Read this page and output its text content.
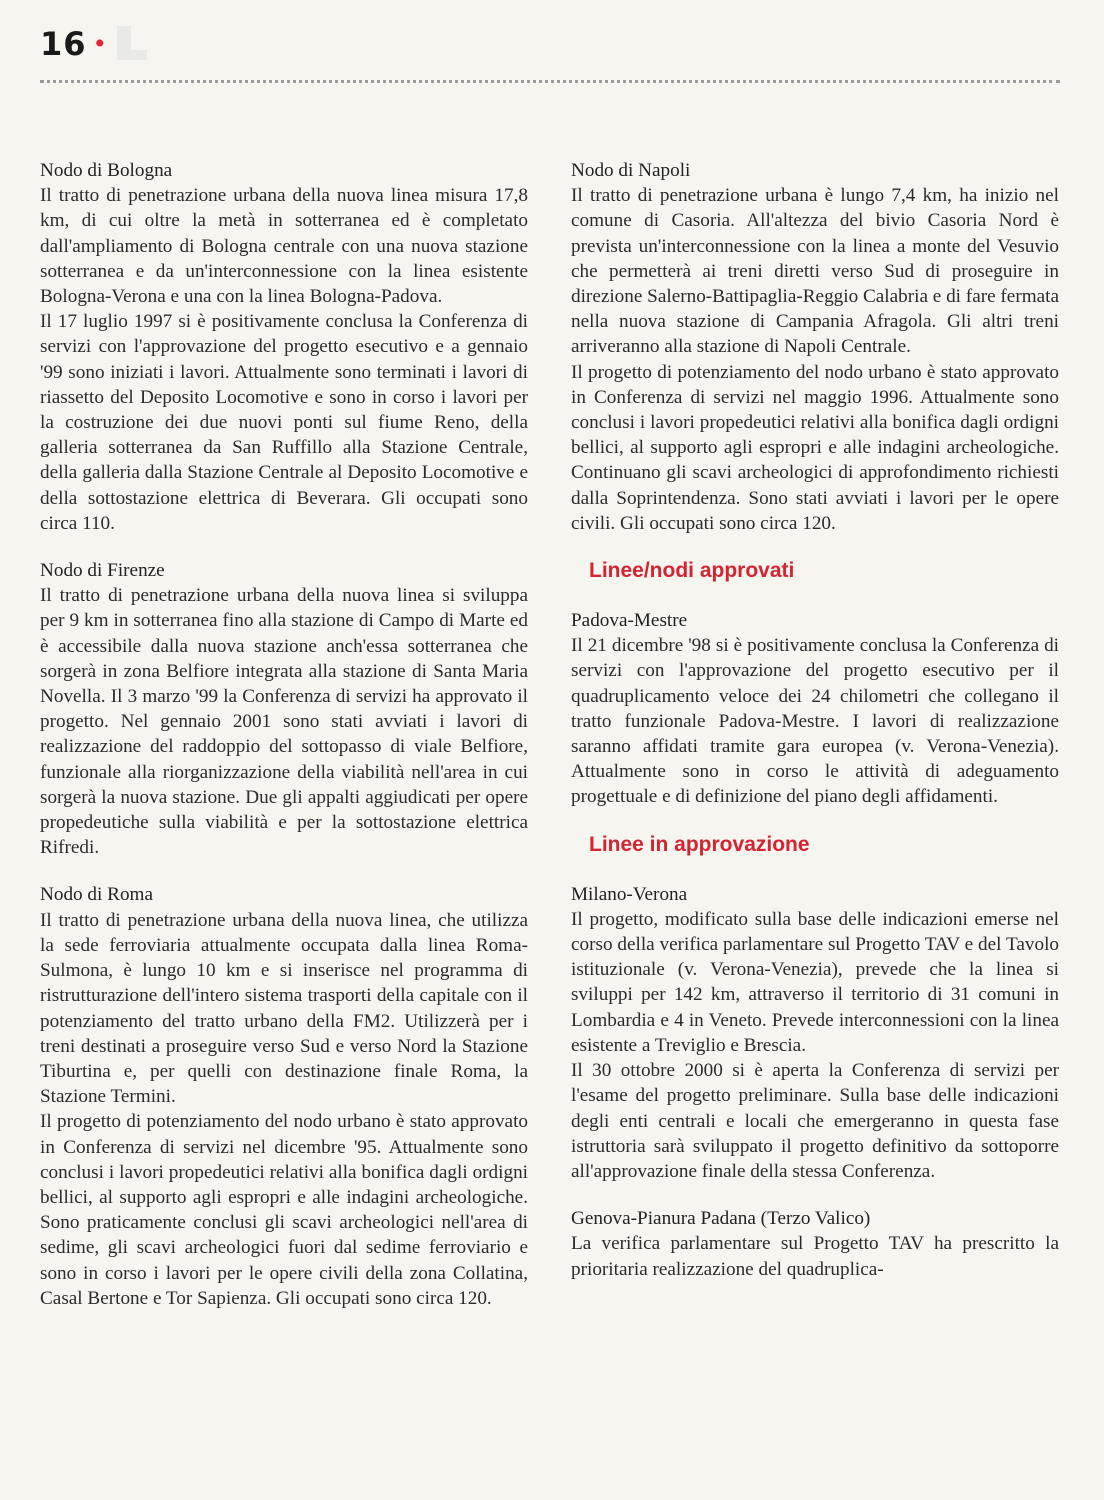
16 •
Nodo di Bologna

Il tratto di penetrazione urbana della nuova linea misura 17,8 km, di cui oltre la metà in sotterranea ed è completato dall'ampliamento di Bologna centrale con una nuova stazione sotterranea e da un'interconnessione con la linea esistente Bologna-Verona e una con la linea Bologna-Padova.

Il 17 luglio 1997 si è positivamente conclusa la Conferenza di servizi con l'approvazione del progetto esecutivo e a gennaio '99 sono iniziati i lavori. Attualmente sono terminati i lavori di riassetto del Deposito Locomotive e sono in corso i lavori per la costruzione dei due nuovi ponti sul fiume Reno, della galleria sotterranea da San Ruffillo alla Stazione Centrale, della galleria dalla Stazione Centrale al Deposito Locomotive e della sottostazione elettrica di Beverara. Gli occupati sono circa 110.

Nodo di Firenze

Il tratto di penetrazione urbana della nuova linea si sviluppa per 9 km in sotterranea fino alla stazione di Campo di Marte ed è accessibile dalla nuova stazione anch'essa sotterranea che sorgerà in zona Belfiore integrata alla stazione di Santa Maria Novella. Il 3 marzo '99 la Conferenza di servizi ha approvato il progetto. Nel gennaio 2001 sono stati avviati i lavori di realizzazione del raddoppio del sottopasso di viale Belfiore, funzionale alla riorganizzazione della viabilità nell'area in cui sorgerà la nuova stazione. Due gli appalti aggiudicati per opere propedeutiche sulla viabilità e per la sottostazione elettrica Rifredi.

Nodo di Roma

Il tratto di penetrazione urbana della nuova linea, che utilizza la sede ferroviaria attualmente occupata dalla linea Roma-Sulmona, è lungo 10 km e si inserisce nel programma di ristrutturazione dell'intero sistema trasporti della capitale con il potenziamento del tratto urbano della FM2. Utilizzerà per i treni destinati a proseguire verso Sud e verso Nord la Stazione Tiburtina e, per quelli con destinazione finale Roma, la Stazione Termini.

Il progetto di potenziamento del nodo urbano è stato approvato in Conferenza di servizi nel dicembre '95. Attualmente sono conclusi i lavori propedeutici relativi alla bonifica dagli ordigni bellici, al supporto agli espropri e alle indagini archeologiche. Sono praticamente conclusi gli scavi archeologici nell'area di sedime, gli scavi archeologici fuori dal sedime ferroviario e sono in corso i lavori per le opere civili della zona Collatina, Casal Bertone e Tor Sapienza. Gli occupati sono circa 120.

Nodo di Napoli

Il tratto di penetrazione urbana è lungo 7,4 km, ha inizio nel comune di Casoria. All'altezza del bivio Casoria Nord è prevista un'interconnessione con la linea a monte del Vesuvio che permetterà ai treni diretti verso Sud di proseguire in direzione Salerno-Battipaglia-Reggio Calabria e di fare fermata nella nuova stazione di Campania Afragola. Gli altri treni arriveranno alla stazione di Napoli Centrale.

Il progetto di potenziamento del nodo urbano è stato approvato in Conferenza di servizi nel maggio 1996. Attualmente sono conclusi i lavori propedeutici relativi alla bonifica dagli ordigni bellici, al supporto agli espropri e alle indagini archeologiche. Continuano gli scavi archeologici di approfondimento richiesti dalla Soprintendenza. Sono stati avviati i lavori per le opere civili. Gli occupati sono circa 120.

Linee/nodi approvati
Padova-Mestre

Il 21 dicembre '98 si è positivamente conclusa la Conferenza di servizi con l'approvazione del progetto esecutivo per il quadruplicamento veloce dei 24 chilometri che collegano il tratto funzionale Padova-Mestre. I lavori di realizzazione saranno affidati tramite gara europea (v. Verona-Venezia). Attualmente sono in corso le attività di adeguamento progettuale e di definizione del piano degli affidamenti.

Linee in approvazione
Milano-Verona

Il progetto, modificato sulla base delle indicazioni emerse nel corso della verifica parlamentare sul Progetto TAV e del Tavolo istituzionale (v. Verona-Venezia), prevede che la linea si sviluppi per 142 km, attraverso il territorio di 31 comuni in Lombardia e 4 in Veneto. Prevede interconnessioni con la linea esistente a Treviglio e Brescia.

Il 30 ottobre 2000 si è aperta la Conferenza di servizi per l'esame del progetto preliminare. Sulla base delle indicazioni degli enti centrali e locali che emergeranno in questa fase istruttoria sarà sviluppato il progetto definitivo da sottoporre all'approvazione finale della stessa Conferenza.

Genova-Pianura Padana (Terzo Valico)

La verifica parlamentare sul Progetto TAV ha prescritto la prioritaria realizzazione del quadruplica-
